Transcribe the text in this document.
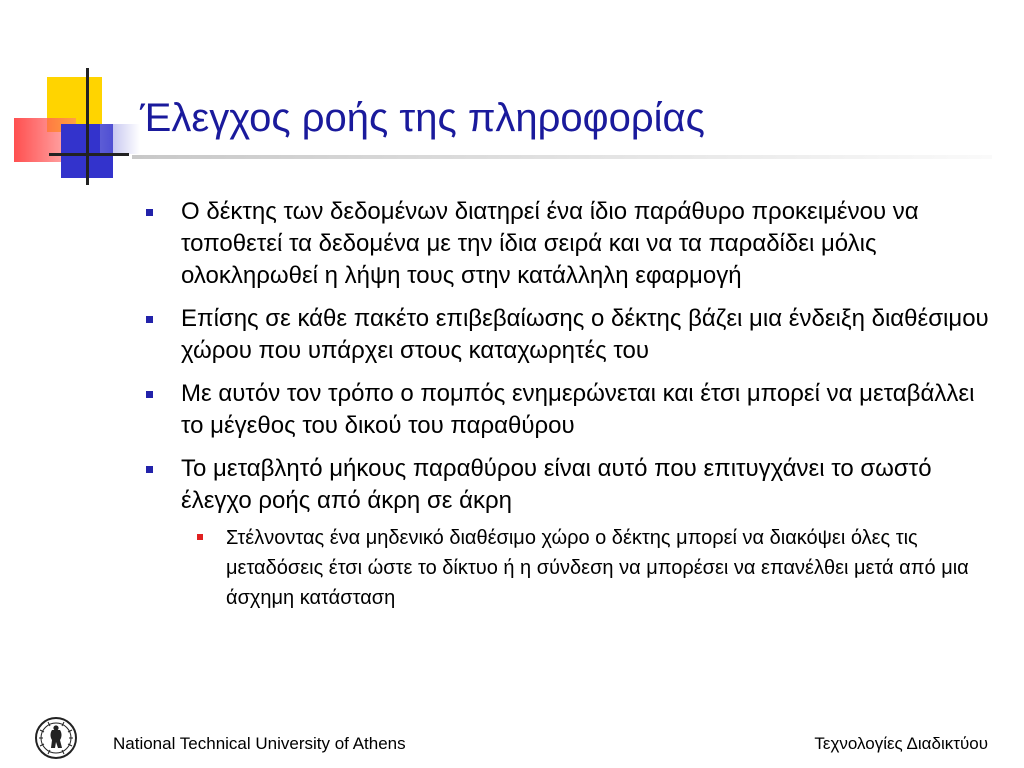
Έλεγχος ροής της πληροφορίας
Ο δέκτης των δεδομένων διατηρεί ένα ίδιο παράθυρο προκειμένου να τοποθετεί τα δεδομένα με την ίδια σειρά και να τα παραδίδει μόλις ολοκληρωθεί η λήψη τους στην κατάλληλη εφαρμογή
Επίσης σε κάθε πακέτο επιβεβαίωσης ο δέκτης βάζει μια ένδειξη διαθέσιμου χώρου που υπάρχει στους καταχωρητές του
Με αυτόν τον τρόπο ο πομπός ενημερώνεται και έτσι μπορεί να μεταβάλλει το μέγεθος του δικού του παραθύρου
Το μεταβλητό μήκους παραθύρου είναι αυτό που επιτυγχάνει το σωστό έλεγχο ροής από άκρη σε άκρη
Στέλνοντας ένα μηδενικό διαθέσιμο χώρο ο δέκτης μπορεί να διακόψει όλες τις μεταδόσεις έτσι ώστε το δίκτυο ή η σύνδεση να μπορέσει να επανέλθει μετά από μια άσχημη κατάσταση
National Technical University of Athens	Τεχνολογίες Διαδικτύου
